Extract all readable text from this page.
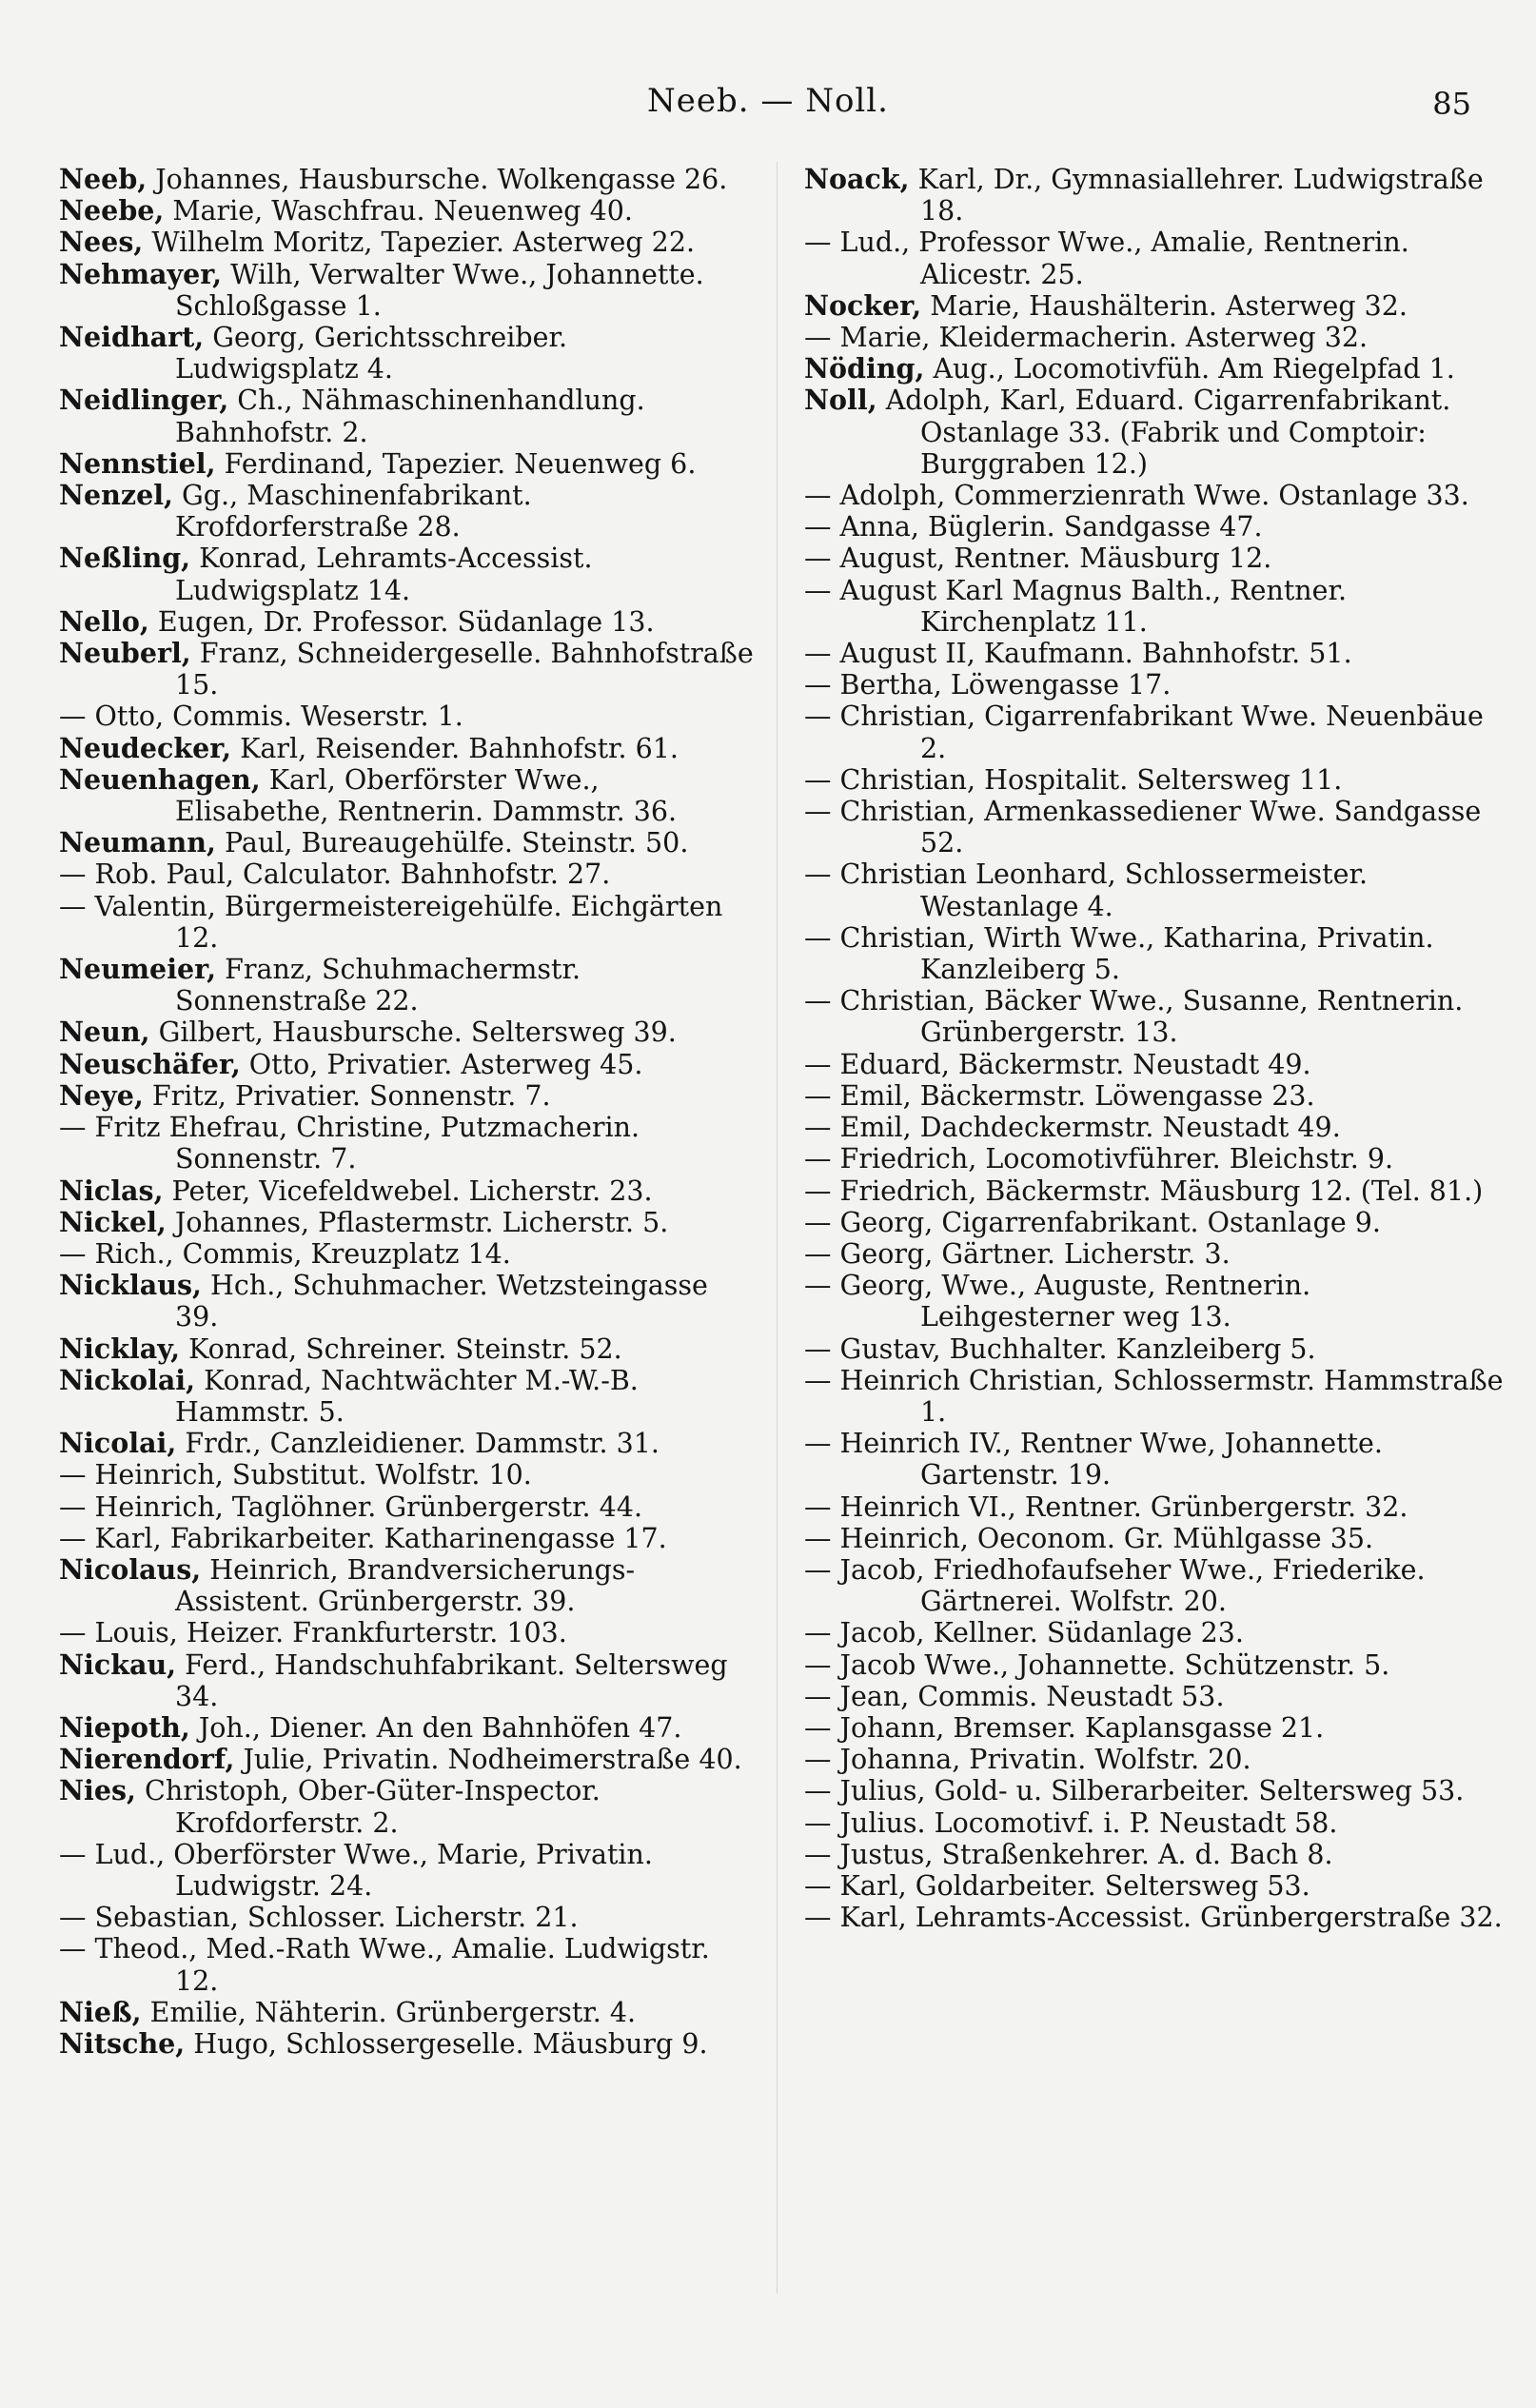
Neeb. — Noll.	85
Neeb, Johannes, Hausbursche. Wolkengasse 26.
Neebe, Marie, Waschfrau. Neuenweg 40.
Nees, Wilhelm Moritz, Tapezier. Asterweg 22.
Nehmayer, Wilh, Verwalter Wwe., Johannette. Schloßgasse 1.
Neidhart, Georg, Gerichtsschreiber. Ludwigsplatz 4.
Neidlinger, Ch., Nähmaschinenhandlung. Bahnhofstr. 2.
Nennstiel, Ferdinand, Tapezier. Neuenweg 6.
Nenzel, Gg., Maschinenfabrikant. Krofdorferstraße 28.
Neßling, Konrad, Lehramts-Accessist. Ludwigsplatz 14.
Nello, Eugen, Dr. Professor. Südanlage 13.
Neuberl, Franz, Schneidergeselle. Bahnhofstraße 15.
— Otto, Commis. Weserstr. 1.
Neudecker, Karl, Reisender. Bahnhofstr. 61.
Neuenhagen, Karl, Oberförster Wwe., Elisabethe, Rentnerin. Dammstr. 36.
Neumann, Paul, Bureaugehülfe. Steinstr. 50.
— Rob. Paul, Calculator. Bahnhofstr. 27.
— Valentin, Bürgermeistereigehülfe. Eichgärten 12.
Neumeier, Franz, Schuhmachermstr. Sonnenstraße 22.
Neun, Gilbert, Hausbursche. Seltersweg 39.
Neuschäfer, Otto, Privatier. Asterweg 45.
Neye, Fritz, Privatier. Sonnenstr. 7.
— Fritz Ehefrau, Christine, Putzmacherin. Sonnenstr. 7.
Niclas, Peter, Vicefeldwebel. Licherstr. 23.
Nickel, Johannes, Pflastermstr. Licherstr. 5.
— Rich., Commis, Kreuzplatz 14.
Nicklaus, Hch., Schuhmacher. Wetzsteingasse 39.
Nicklay, Konrad, Schreiner. Steinstr. 52.
Nickolai, Konrad, Nachtwächter M.-W.-B. Hammstr. 5.
Nicolai, Frdr., Canzleidiener. Dammstr. 31.
— Heinrich, Substitut. Wolfstr. 10.
— Heinrich, Taglöhner. Grünbergerstr. 44.
— Karl, Fabrikarbeiter. Katharinengasse 17.
Nicolaus, Heinrich, Brandversicherungs-Assistent. Grünbergerstr. 39.
— Louis, Heizer. Frankfurterstr. 103.
Nickau, Ferd., Handschuhfabrikant. Seltersweg 34.
Niepoth, Joh., Diener. An den Bahnhöfen 47.
Nierendorf, Julie, Privatin. Nodheimerstraße 40.
Nies, Christoph, Ober-Güter-Inspector. Krofdorferstr. 2.
— Lud., Oberförster Wwe., Marie, Privatin. Ludwigstr. 24.
— Sebastian, Schlosser. Licherstr. 21.
— Theod., Med.-Rath Wwe., Amalie. Ludwigstr. 12.
Nieß, Emilie, Nähterin. Grünbergerstr. 4.
Nitsche, Hugo, Schlossergeselle. Mäusburg 9.
Noack, Karl, Dr., Gymnasiallehrer. Ludwigstraße 18.
— Lud., Professor Wwe., Amalie, Rentnerin. Alicestr. 25.
Nocker, Marie, Haushälterin. Asterweg 32.
— Marie, Kleidermacherin. Asterweg 32.
Nöding, Aug., Locomotivfüh. Am Riegelpfad 1.
Noll, Adolph, Karl, Eduard. Cigarrenfabrikant. Ostanlage 33. (Fabrik und Comptoir: Burggraben 12.)
— Adolph, Commerzienrath Wwe. Ostanlage 33.
— Anna, Büglerin. Sandgasse 47.
— August, Rentner. Mäusburg 12.
— August Karl Magnus Balth., Rentner. Kirchenplatz 11.
— August II, Kaufmann. Bahnhofstr. 51.
— Bertha, Löwengasse 17.
— Christian, Cigarrenfabrikant Wwe. Neuenbäue 2.
— Christian, Hospitalit. Seltersweg 11.
— Christian, Armenkassediener Wwe. Sandgasse 52.
— Christian Leonhard, Schlossermeister. Westanlage 4.
— Christian, Wirth Wwe., Katharina, Privatin. Kanzleiberg 5.
— Christian, Bäcker Wwe., Susanne, Rentnerin. Grünbergerstr. 13.
— Eduard, Bäckermstr. Neustadt 49.
— Emil, Bäckermstr. Löwengasse 23.
— Emil, Dachdeckermstr. Neustadt 49.
— Friedrich, Locomotivführer. Bleichstr. 9.
— Friedrich, Bäckermstr. Mäusburg 12. (Tel. 81.)
— Georg, Cigarrenfabrikant. Ostanlage 9.
— Georg, Gärtner. Licherstr. 3.
— Georg, Wwe., Auguste, Rentnerin. Leihgesterner weg 13.
— Gustav, Buchhalter. Kanzleiberg 5.
— Heinrich Christian, Schlossermstr. Hammstraße 1.
— Heinrich IV., Rentner Wwe, Johannette. Gartenstr. 19.
— Heinrich VI., Rentner. Grünbergerstr. 32.
— Heinrich, Oeconom. Gr. Mühlgasse 35.
— Jacob, Friedhofaufseher Wwe., Friederike. Gärtnerei. Wolfstr. 20.
— Jacob, Kellner. Südanlage 23.
— Jacob Wwe., Johannette. Schützenstr. 5.
— Jean, Commis. Neustadt 53.
— Johann, Bremser. Kaplansgasse 21.
— Johanna, Privatin. Wolfstr. 20.
— Julius, Gold- u. Silberarbeiter. Seltersweg 53.
— Julius. Locomotivf. i. P. Neustadt 58.
— Justus, Straßenkehrer. A. d. Bach 8.
— Karl, Goldarbeiter. Seltersweg 53.
— Karl, Lehramts-Accessist. Grünbergerstraße 32.
